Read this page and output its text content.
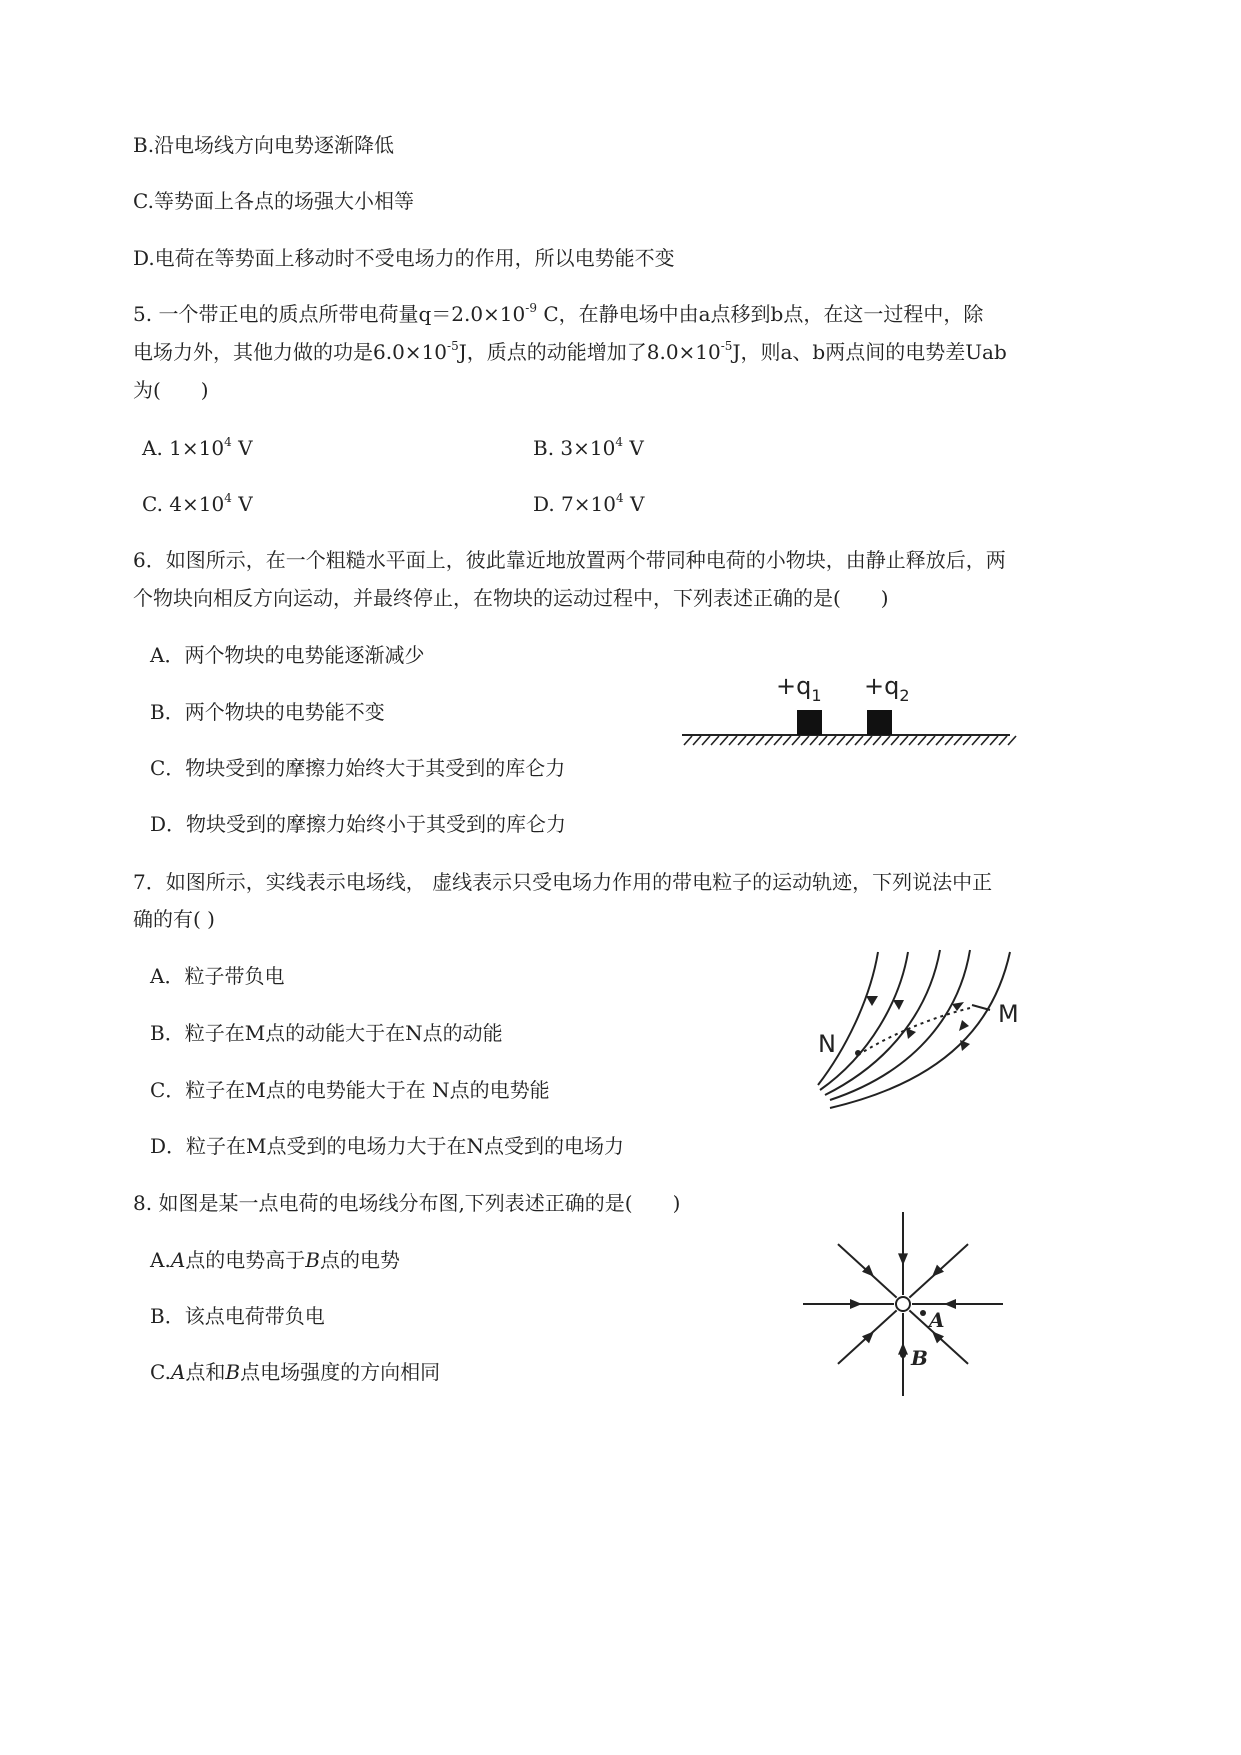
B.沿电场线方向电势逐渐降低
C.等势面上各点的场强大小相等
D.电荷在等势面上移动时不受电场力的作用，所以电势能不变
5. 一个带正电的质点所带电荷量$q=2.0\times 10^{-9}$ C，在静电场中由a点移到b点，在这一过程中，除
电场力外，其他力做的功是$6.0\times 10^{-5}J$，质点的动能增加了$8.0\times 10^{-5}J$，则a、b两点间的电势差Uab
为(　　)
A. $1\times 10^4$ V	B. $3\times 10^4$ V
C. $4\times 10^4$ V	D. $7\times 10^4$ V
6．如图所示，在一个粗糙水平面上，彼此靠近地放置两个带同种电荷的小物块，由静止释放后，两
个物块向相反方向运动，并最终停止，在物块的运动过程中，下列表述正确的是(　　)
A．两个物块的电势能逐渐减少
B．两个物块的电势能不变
C．物块受到的摩擦力始终大于其受到的库仑力
D．物块受到的摩擦力始终小于其受到的库仑力
$+q_1 +q_2$
7．如图所示，实线表示电场线， 虚线表示只受电场力作用的带电粒子的运动轨迹，下列说法中正
确的有( )
A．粒子带负电
B．粒子在M点的动能大于在N点的动能
C．粒子在M点的电势能大于在 N点的电势能
D．粒子在M点受到的电场力大于在N点受到的电场力
M
N
8. 如图是某一点电荷的电场线分布图,下列表述正确的是(　　)
A.A点的电势高于B点的电势
B．该点电荷带负电
C.A点和B点电场强度的方向相同
A
B
